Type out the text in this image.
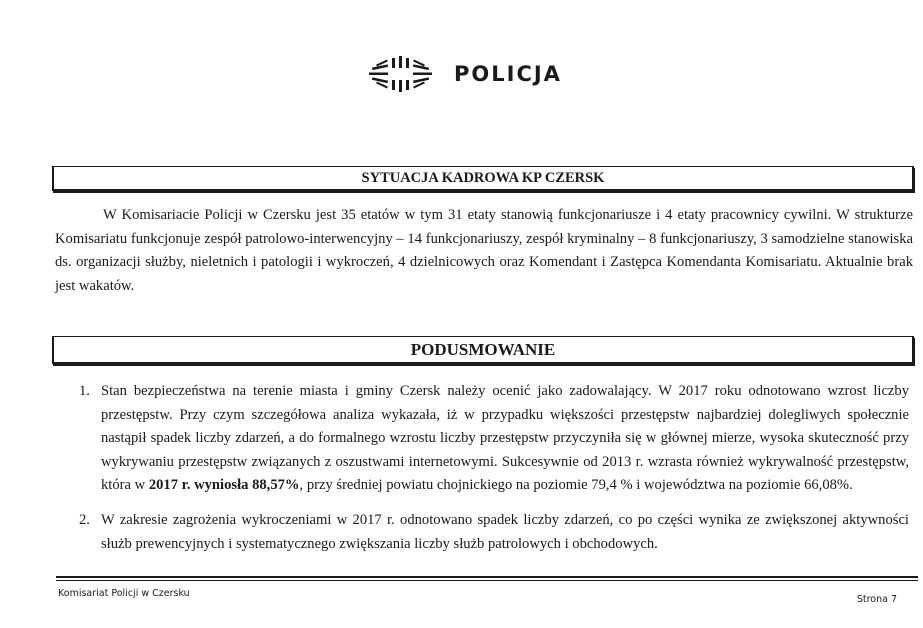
POLICJA
SYTUACJA KADROWA KP CZERSK

W Komisariacie Policji w Czersku jest 35 etatów w tym 31 etaty stanowią funkcjonariusze i 4 etaty pracownicy cywilni. W strukturze Komisariatu funkcjonuje zespół patrolowo-interwencyjny – 14 funkcjonariuszy, zespół kryminalny – 8 funkcjonariuszy, 3 samodzielne stanowiska ds. organizacji służby, nieletnich i patologii i wykroczeń, 4 dzielnicowych oraz Komendant i Zastępca Komendanta Komisariatu. Aktualnie brak jest wakatów.

PODUSMOWANIE
1. Stan bezpieczeństwa na terenie miasta i gminy Czersk należy ocenić jako zadowalający. W 2017 roku odnotowano wzrost liczby przestępstw. Przy czym szczegółowa analiza wykazała, iż w przypadku większości przestępstw najbardziej dolegliwych społecznie nastąpił spadek liczby zdarzeń, a do formalnego wzrostu liczby przestępstw przyczyniła się w głównej mierze, wysoka skuteczność przy wykrywaniu przestępstw związanych z oszustwami internetowymi. Sukcesywnie od 2013 r. wzrasta również wykrywalność przestępstw, która w 2017 r. wyniosła 88,57%, przy średniej powiatu chojnickiego na poziomie 79,4 % i województwa na poziomie 66,08%.

2. W zakresie zagrożenia wykroczeniami w 2017 r. odnotowano spadek liczby zdarzeń, co po części wynika ze zwiększonej aktywności służb prewencyjnych i systematycznego zwiększania liczby służb patrolowych i obchodowych.

Komisariat Policji w Czersku
Strona 7
